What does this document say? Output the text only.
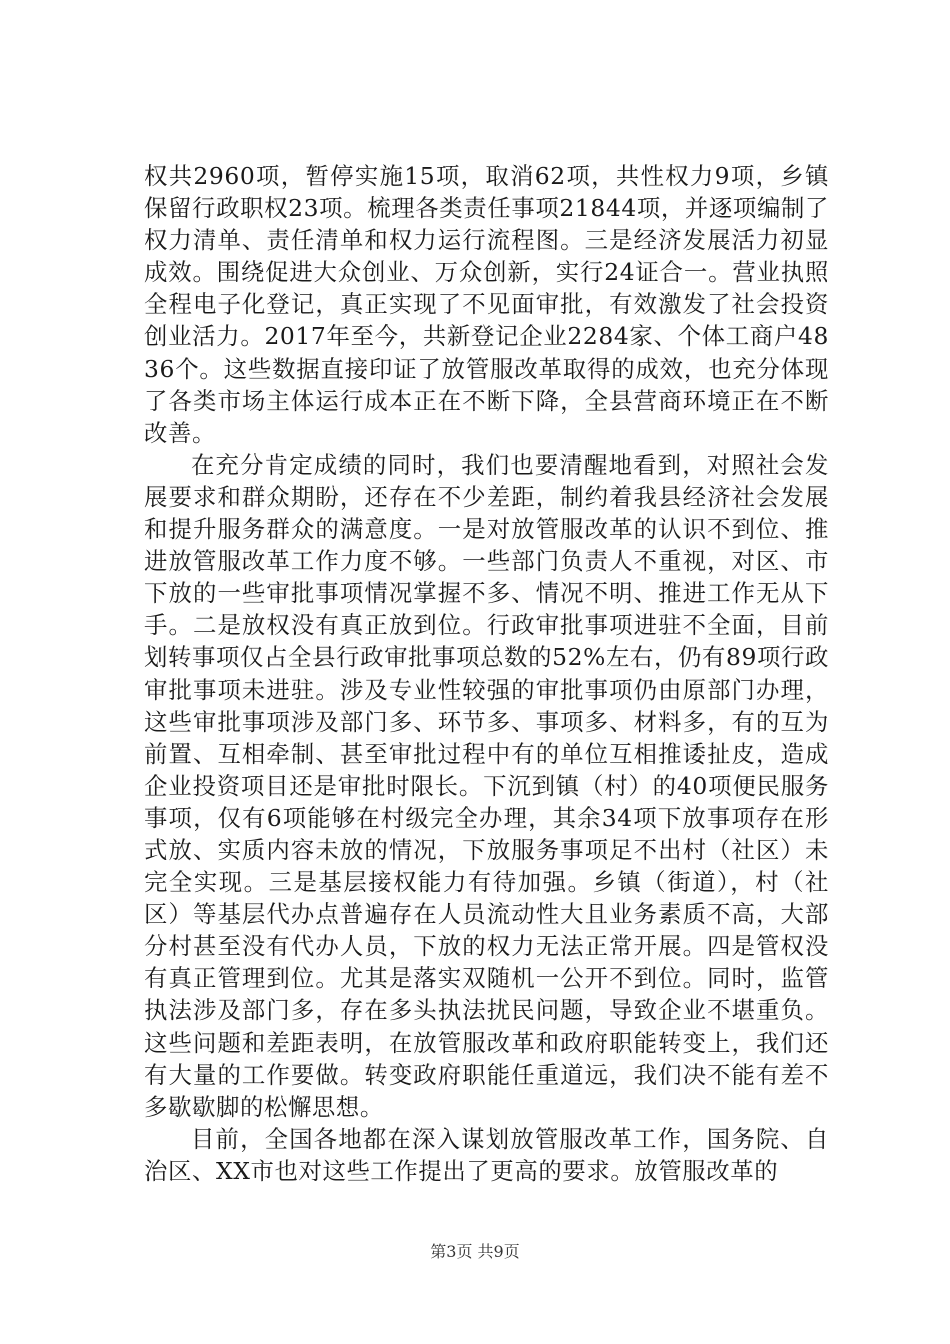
权共2960项，暂停实施15项，取消62项，共性权力9项，乡镇保留行政职权23项。梳理各类责任事项21844项，并逐项编制了权力清单、责任清单和权力运行流程图。三是经济发展活力初显成效。围绕促进大众创业、万众创新，实行24证合一。营业执照全程电子化登记，真正实现了不见面审批，有效激发了社会投资创业活力。2017年至今，共新登记企业2284家、个体工商户4836个。这些数据直接印证了放管服改革取得的成效，也充分体现了各类市场主体运行成本正在不断下降，全县营商环境正在不断改善。

在充分肯定成绩的同时，我们也要清醒地看到，对照社会发展要求和群众期盼，还存在不少差距，制约着我县经济社会发展和提升服务群众的满意度。一是对放管服改革的认识不到位、推进放管服改革工作力度不够。一些部门负责人不重视，对区、市下放的一些审批事项情况掌握不多、情况不明、推进工作无从下手。二是放权没有真正放到位。行政审批事项进驻不全面，目前划转事项仅占全县行政审批事项总数的52%左右，仍有89项行政审批事项未进驻。涉及专业性较强的审批事项仍由原部门办理，这些审批事项涉及部门多、环节多、事项多、材料多，有的互为前置、互相牵制、甚至审批过程中有的单位互相推诿扯皮，造成企业投资项目还是审批时限长。下沉到镇（村）的40项便民服务事项，仅有6项能够在村级完全办理，其余34项下放事项存在形式放、实质内容未放的情况，下放服务事项足不出村（社区）未完全实现。三是基层接权能力有待加强。乡镇（街道），村（社区）等基层代办点普遍存在人员流动性大且业务素质不高，大部分村甚至没有代办人员，下放的权力无法正常开展。四是管权没有真正管理到位。尤其是落实双随机一公开不到位。同时，监管执法涉及部门多，存在多头执法扰民问题，导致企业不堪重负。这些问题和差距表明，在放管服改革和政府职能转变上，我们还有大量的工作要做。转变政府职能任重道远，我们决不能有差不多歇歇脚的松懈思想。

目前，全国各地都在深入谋划放管服改革工作，国务院、自治区、XX市也对这些工作提出了更高的要求。放管服改革的

第3页 共9页
